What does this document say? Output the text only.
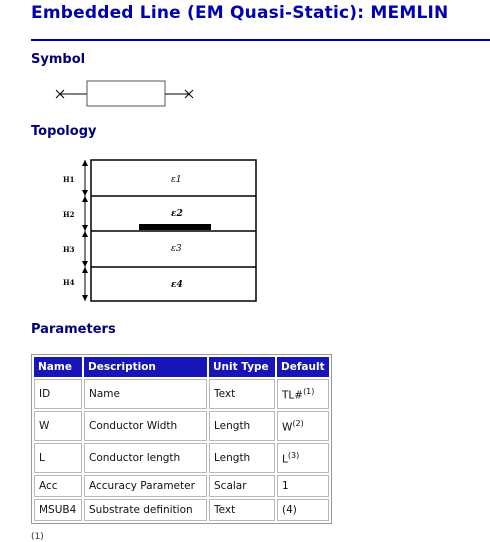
Embedded Line (EM Quasi-Static): MEMLIN
Symbol
Topology
H1
H2
H3
H4
ε1
ε2
ε3
ε4
Parameters
Name	Description	Unit Type	Default
ID	Name	Text	TL#$^{(1)}$
W	Conductor Width	Length	$W^{(2)}$
L	Conductor length	Length	$L^{(3)}$
Acc	Accuracy Parameter	Scalar	1
MSUB4	Substrate definition	Text	(4)
(1)
